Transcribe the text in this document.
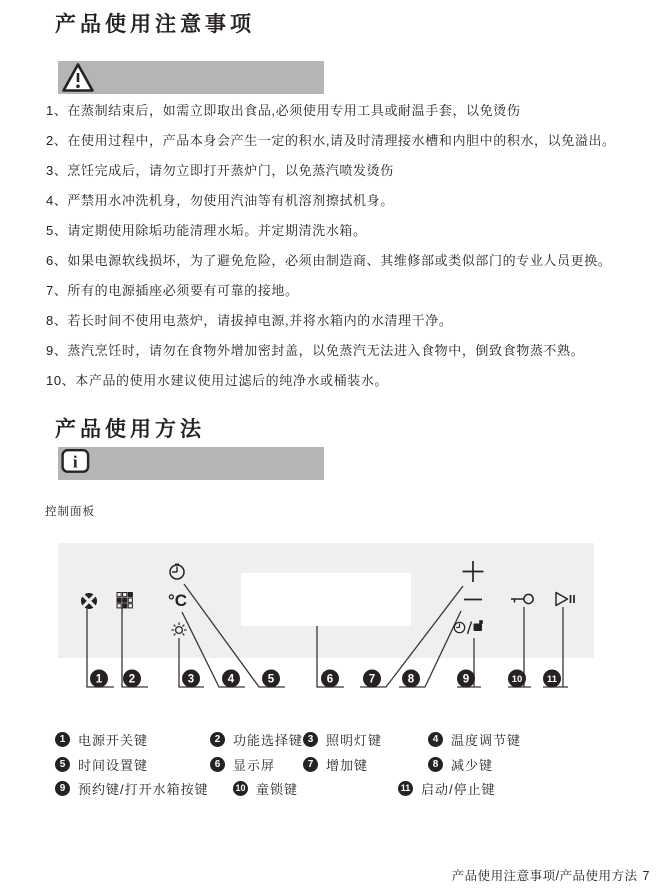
产品使用注意事项
1、在蒸制结束后，如需立即取出食品,必须使用专用工具或耐温手套，以免烫伤
2、在使用过程中，产品本身会产生一定的积水,请及时清理接水槽和内胆中的积水，以免溢出。
3、烹饪完成后，请勿立即打开蒸炉门，以免蒸汽喷发烫伤
4、严禁用水冲洗机身，勿使用汽油等有机溶剂擦拭机身。
5、请定期使用除垢功能清理水垢。并定期清洗水箱。
6、如果电源软线损坏，为了避免危险，必须由制造商、其维修部或类似部门的专业人员更换。
7、所有的电源插座必须要有可靠的接地。
8、若长时间不使用电蒸炉，请拔掉电源,并将水箱内的水清理干净。
9、蒸汽烹饪时，请勿在食物外增加密封盖，以免蒸汽无法进入食物中，倒致食物蒸不熟。
10、本产品的使用水建议使用过滤后的纯净水或桶装水。
产品使用方法
i
控制面板
°C
1 2	3	4	5	6	7	8	9	10	11
1 电源开关键	2 功能选择键 3 照明灯键	4 温度调节键
5 时间设置键	6 显示屏	7 增加键	8 减少键
9 预约键/打开水箱按键	10 童锁键	11 启动/停止键
产品使用注意事项/产品使用方法 7
